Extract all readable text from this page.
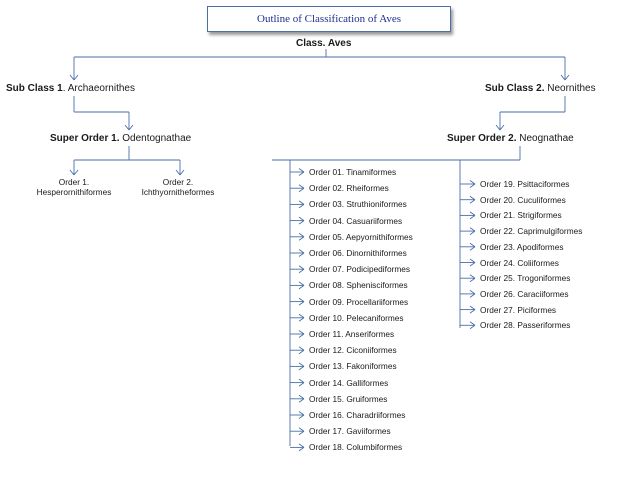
Outline of Classification of Aves
Class. Aves
Sub Class 1. Archaeornithes	Sub Class 2. Neornithes
Super Order 1. Odentognathae	Super Order 2. Neognathae
Order 1.
Hesperornithiformes
Order 2.
Ichthyornitheformes
Order 01. Tinamiformes
Order 02. Rheiformes
Order 03. Struthioniformes
Order 04. Casuariiformes
Order 05. Aepyornithiformes
Order 06. Dinornithiformes
Order 07. Podicipediformes
Order 08. Sphenisciformes
Order 09. Procellariiformes
Order 10. Pelecaniformes
Order 11. Anseriformes
Order 12. Ciconiiformes
Order 13. Fakoniformes
Order 14. Galliformes
Order 15. Gruiformes
Order 16. Charadriiformes
Order 17. Gaviiformes
Order 18. Columbiformes
Order 19. Psittaciformes
Order 20. Cuculiformes
Order 21. Strigiformes
Order 22. Caprimulgiformes
Order 23. Apodiformes
Order 24. Coliiformes
Order 25. Trogoniformes
Order 26. Caraciiformes
Order 27. Piciformes
Order 28. Passeriformes
